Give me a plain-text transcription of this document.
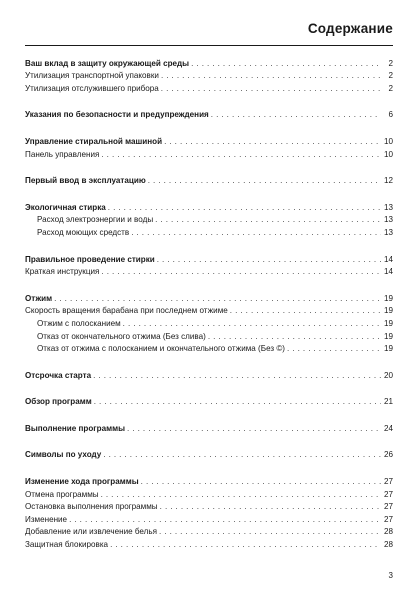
Содержание
Ваш вклад в защиту окружающей среды . . .	2
Утилизация транспортной упаковки . . .	2
Утилизация отслужившего прибора . . .	2
Указания по безопасности и предупреждения . . .	6
Управление стиральной машиной . . .	10
Панель управления . . .	10
Первый ввод в эксплуатацию . . .	12
Экологичная стирка . . .	13
Расход электроэнергии и воды . . .	13
Расход моющих средств . . .	13
Правильное проведение стирки . . .	14
Краткая инструкция . . .	14
Отжим . . .	19
Скорость вращения барабана при последнем отжиме . . .	19
Отжим с полосканием . . .	19
Отказ от окончательного отжима (Без слива) . . .	19
Отказ от отжима с полосканием и окончательного отжима (Без ©) . . .	19
Отсрочка старта . . .	20
Обзор программ . . .	21
Выполнение программы . . .	24
Символы по уходу . . .	26
Изменение хода программы . . .	27
Отмена программы . . .	27
Остановка выполнения программы . . .	27
Изменение . . .	27
Добавление или извлечение белья . . .	28
Защитная блокировка . . .	28
3
